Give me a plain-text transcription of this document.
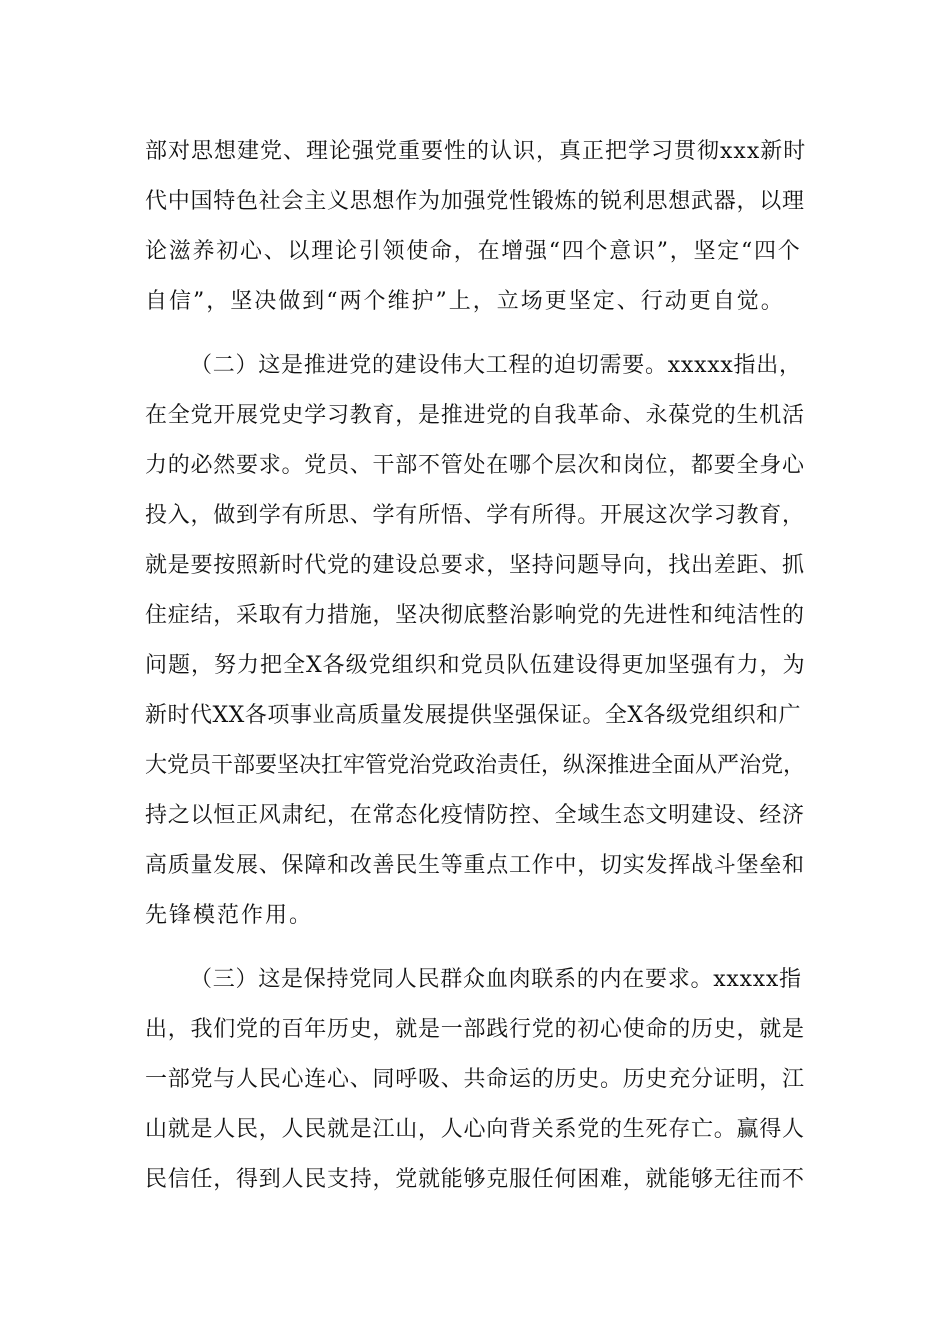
部对思想建党、理论强党重要性的认识，真正把学习贯彻xxx新时

代中国特色社会主义思想作为加强党性锻炼的锐利思想武器，以理

论滋养初心、以理论引领使命，在增强“四个意识”，坚定“四个

自信”，坚决做到“两个维护”上，立场更坚定、行动更自觉。

（二）这是推进党的建设伟大工程的迫切需要。xxxxx指出，

在全党开展党史学习教育，是推进党的自我革命、永葆党的生机活

力的必然要求。党员、干部不管处在哪个层次和岗位，都要全身心

投入，做到学有所思、学有所悟、学有所得。开展这次学习教育，

就是要按照新时代党的建设总要求，坚持问题导向，找出差距、抓

住症结，采取有力措施，坚决彻底整治影响党的先进性和纯洁性的

问题，努力把全X各级党组织和党员队伍建设得更加坚强有力，为

新时代XX各项事业高质量发展提供坚强保证。全X各级党组织和广

大党员干部要坚决扛牢管党治党政治责任，纵深推进全面从严治党，

持之以恒正风肃纪，在常态化疫情防控、全域生态文明建设、经济

高质量发展、保障和改善民生等重点工作中，切实发挥战斗堡垒和

先锋模范作用。

（三）这是保持党同人民群众血肉联系的内在要求。xxxxx指

出，我们党的百年历史，就是一部践行党的初心使命的历史，就是

一部党与人民心连心、同呼吸、共命运的历史。历史充分证明，江

山就是人民，人民就是江山，人心向背关系党的生死存亡。赢得人

民信任，得到人民支持，党就能够克服任何困难，就能够无往而不
